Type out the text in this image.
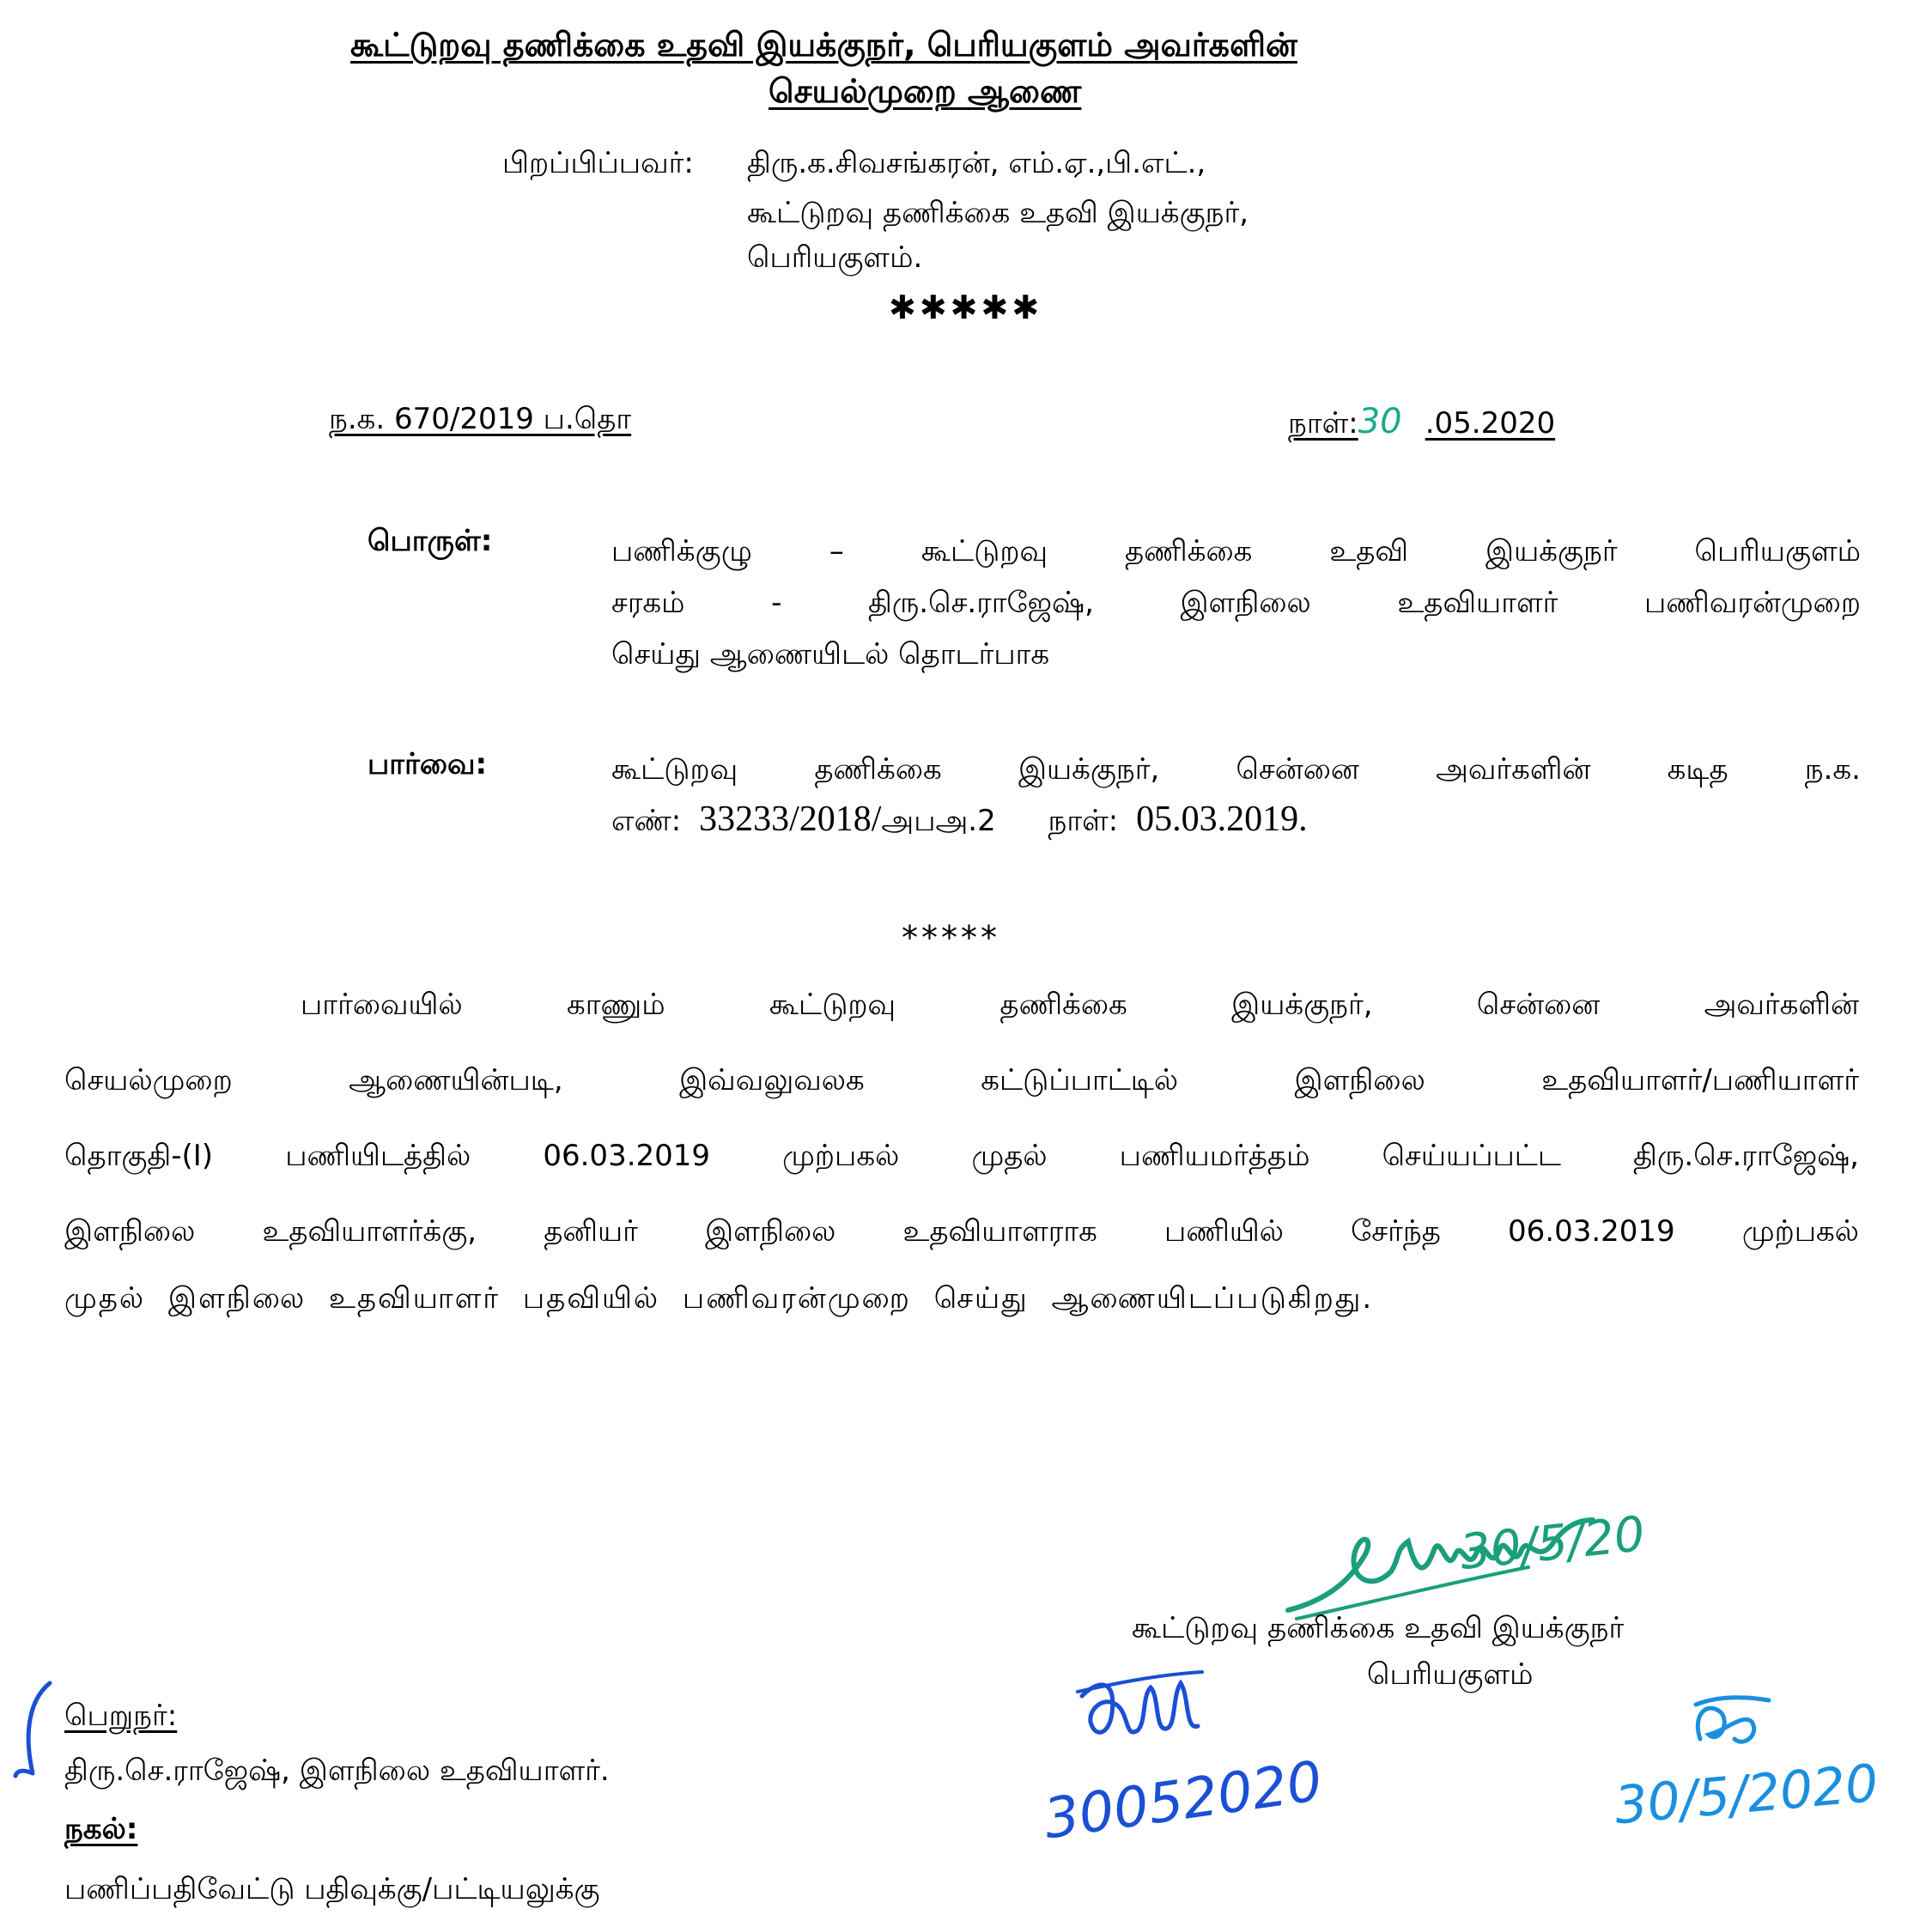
கூட்டுறவு தணிக்கை உதவி இயக்குநர், பெரியகுளம் அவர்களின்
செயல்முறை ஆணை
பிறப்பிப்பவர்: திரு.க.சிவசங்கரன், எம்.ஏ.,பி.எட்.,
கூட்டுறவு தணிக்கை உதவி இயக்குநர்,
பெரியகுளம்.
✱✱✱✱✱
ந.க. 670/2019 ப.தொ	நாள்:30 .05.2020
பொருள்:	பணிக்குழு – கூட்டுறவு தணிக்கை உதவி இயக்குநர் பெரியகுளம்
சரகம் - திரு.செ.ராஜேஷ், இளநிலை உதவியாளர் பணிவரன்முறை
செய்து ஆணையிடல் தொடர்பாக
பார்வை:	கூட்டுறவு தணிக்கை இயக்குநர், சென்னை அவர்களின் கடித ந.க.
எண்: 33233/2018/அபஅ.2 நாள்: 05.03.2019.
*****
பார்வையில் காணும் கூட்டுறவு தணிக்கை இயக்குநர், சென்னை அவர்களின்
செயல்முறை ஆணையின்படி, இவ்வலுவலக கட்டுப்பாட்டில் இளநிலை உதவியாளர்/பணியாளர்
தொகுதி-(I) பணியிடத்தில் 06.03.2019 முற்பகல் முதல் பணியமர்த்தம் செய்யப்பட்ட திரு.செ.ராஜேஷ்,
இளநிலை உதவியாளர்க்கு, தனியர் இளநிலை உதவியாளராக பணியில் சேர்ந்த 06.03.2019 முற்பகல்
முதல் இளநிலை உதவியாளர் பதவியில் பணிவரன்முறை செய்து ஆணையிடப்படுகிறது.
30/5/20
கூட்டுறவு தணிக்கை உதவி இயக்குநர்
பெரியகுளம்
பெறுநர்:
திரு.செ.ராஜேஷ், இளநிலை உதவியாளர்.
நகல்:
பணிப்பதிவேட்டு பதிவுக்கு/பட்டியலுக்கு
30052020	30/5/2020
